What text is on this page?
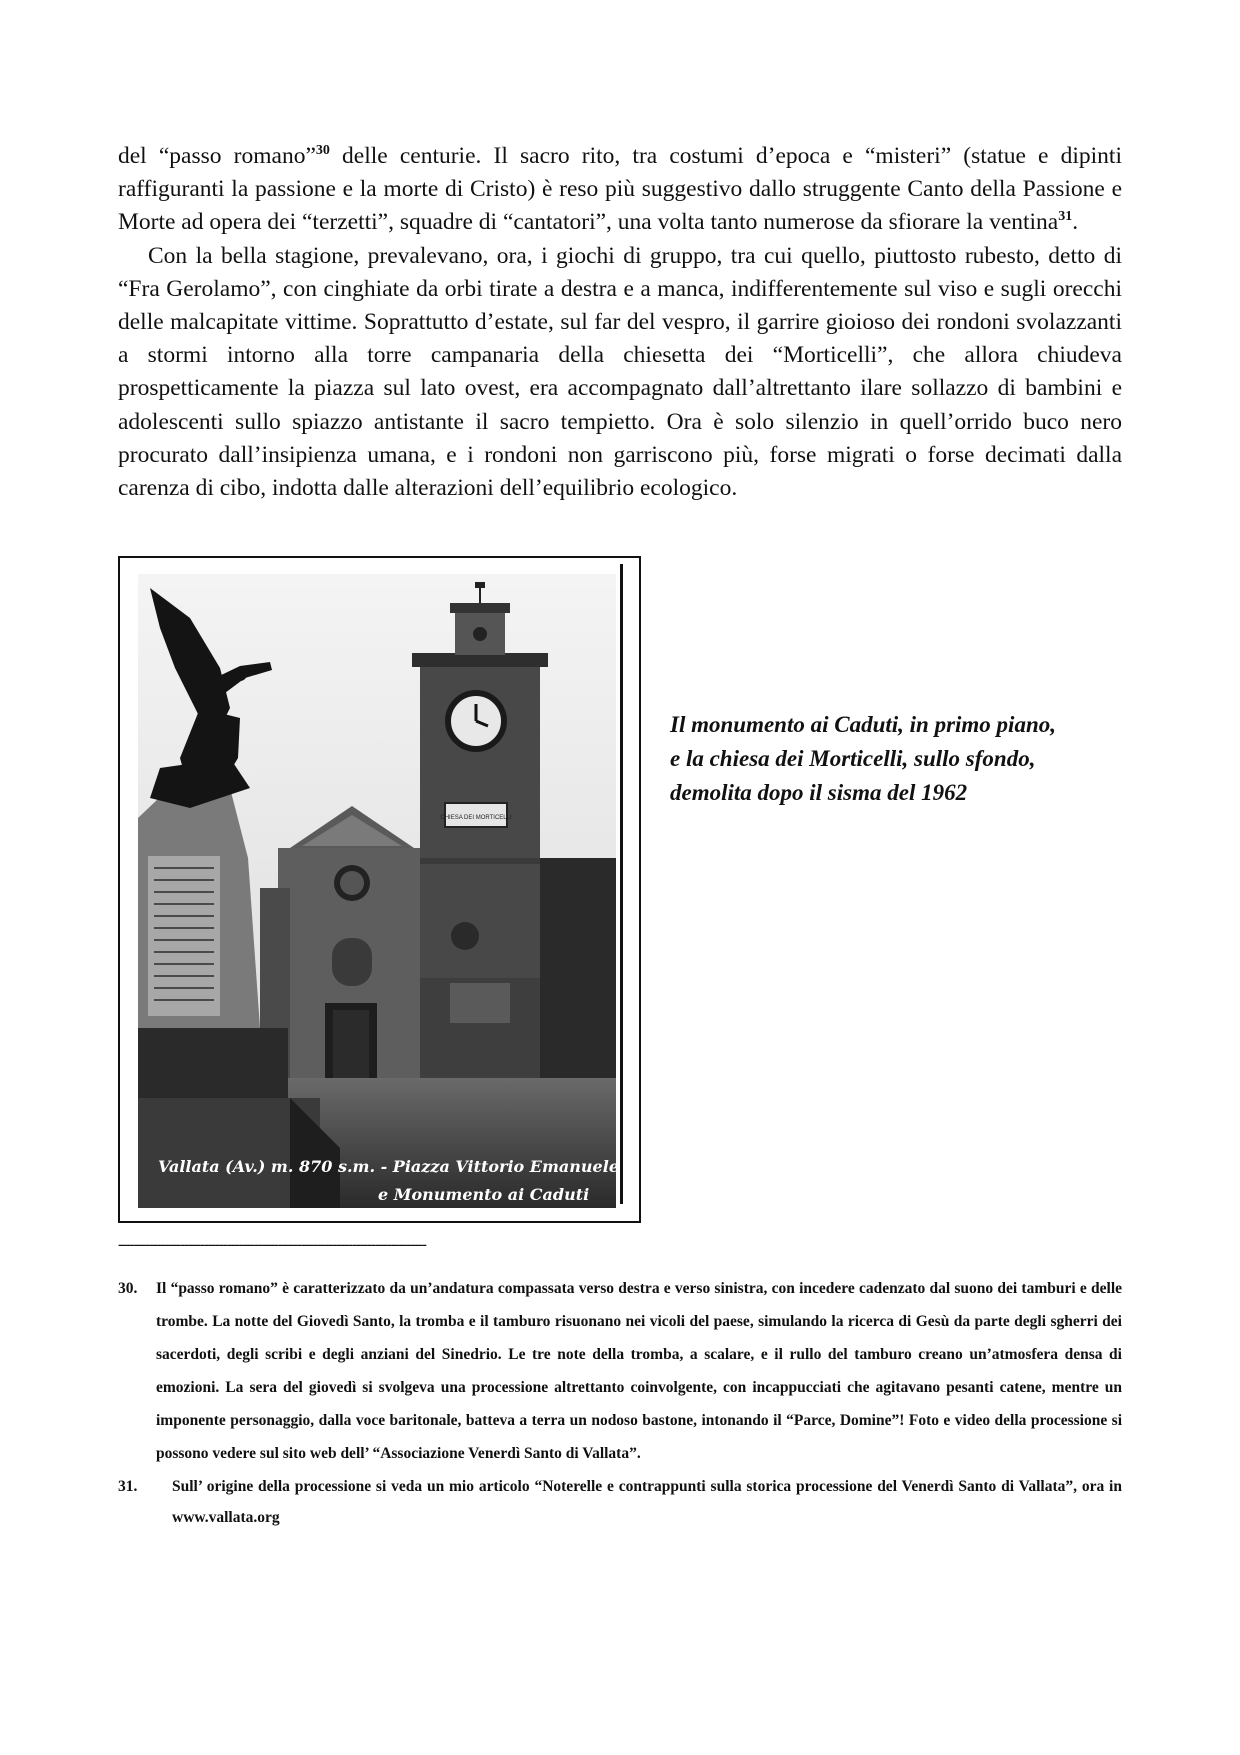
del “passo romano”$^{30}$ delle centurie. Il sacro rito, tra costumi d’epoca e “misteri” (statue e dipinti raffiguranti la passione e la morte di Cristo) è reso più suggestivo dallo struggente Canto della Passione e Morte ad opera dei “terzetti”, squadre di “cantatori”, una volta tanto numerose da sfiorare la ventina$^{31}$.

Con la bella stagione, prevalevano, ora, i giochi di gruppo, tra cui quello, piuttosto rubesto, detto di “Fra Gerolamo”, con cinghiate da orbi tirate a destra e a manca, indifferentemente sul viso e sugli orecchi delle malcapitate vittime. Soprattutto d’estate, sul far del vespro, il garrire gioioso dei rondoni svolazzanti a stormi intorno alla torre campanaria della chiesetta dei “Morticelli”, che allora chiudeva prospetticamente la piazza sul lato ovest, era accompagnato dall’altrettanto ilare sollazzo di bambini e adolescenti sullo spiazzo antistante il sacro tempietto. Ora è solo silenzio in quell’orrido buco nero procurato dall’insipienza umana, e i rondoni non garriscono più, forse migrati o forse decimati dalla carenza di cibo, indotta dalle alterazioni dell’equilibrio ecologico.

CHIESA DEI MORTICELLI
Vallata (Av.) m. 870 s.m. - Piazza Vittorio Emanuele
e Monumento ai Caduti
Il monumento ai Caduti, in primo piano,
e la chiesa dei Morticelli, sullo sfondo,
demolita dopo il sisma del 1962
-------------------------------------------------------------------------------
30. Il “passo romano” è caratterizzato da un’andatura compassata verso destra e verso sinistra, con incedere cadenzato dal suono dei tamburi e delle trombe. La notte del Giovedì Santo, la tromba e il tamburo risuonano nei vicoli del paese, simulando la ricerca di Gesù da parte degli sgherri dei sacerdoti, degli scribi e degli anziani del Sinedrio. Le tre note della tromba, a scalare, e il rullo del tamburo creano un’atmosfera densa di emozioni. La sera del giovedì si svolgeva una processione altrettanto coinvolgente, con incappucciati che agitavano pesanti catene, mentre un imponente personaggio, dalla voce baritonale, batteva a terra un nodoso bastone, intonando il “Parce, Domine”! Foto e video della processione si possono vedere sul sito web dell’ “Associazione Venerdì Santo di Vallata”.
31.	Sull’ origine della processione si veda un mio articolo “Noterelle e contrappunti sulla storica processione del Venerdì Santo di Vallata”, ora in www.vallata.org
